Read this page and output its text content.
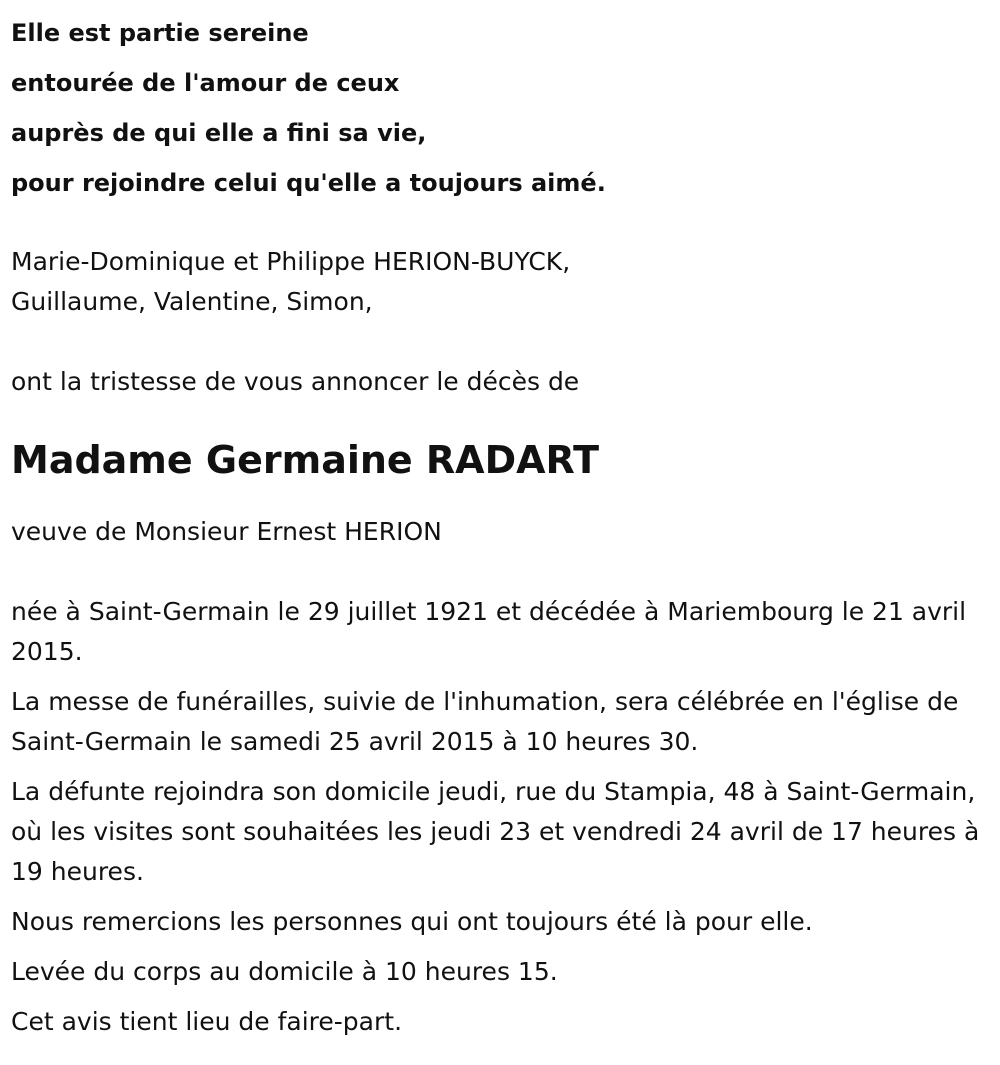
Elle est partie sereine

entourée de l'amour de ceux

auprès de qui elle a fini sa vie,

pour rejoindre celui qu'elle a toujours aimé.

Marie-Dominique et Philippe HERION-BUYCK,

Guillaume, Valentine, Simon,

ont la tristesse de vous annoncer le décès de

Madame Germaine RADART

veuve de Monsieur Ernest HERION

née à Saint-Germain le 29 juillet 1921 et décédée à Mariembourg le 21 avril 2015.

La messe de funérailles, suivie de l'inhumation, sera célébrée en l'église de Saint-Germain le samedi 25 avril 2015 à 10 heures 30.

La défunte rejoindra son domicile jeudi, rue du Stampia, 48 à Saint-Germain, où les visites sont souhaitées les jeudi 23 et vendredi 24 avril de 17 heures à 19 heures.

Nous remercions les personnes qui ont toujours été là pour elle.

Levée du corps au domicile à 10 heures 15.

Cet avis tient lieu de faire-part.
